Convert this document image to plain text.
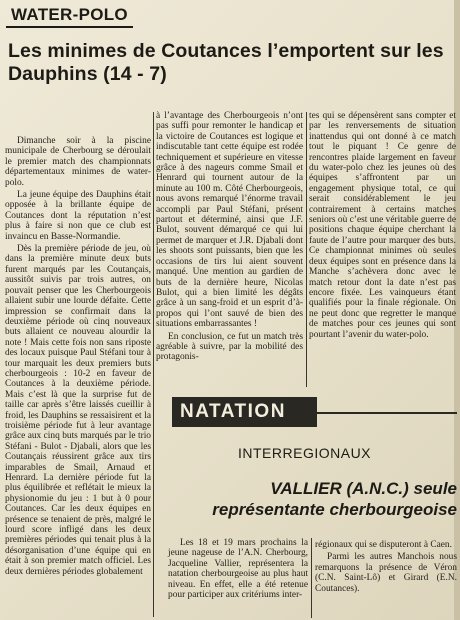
WATER-POLO
Les minimes de Coutances l’emportent sur les Dauphins (14 - 7)

Dimanche soir à la piscine municipale de Cherbourg se déroulait le premier match des championnats départementaux minimes de water-polo.

La jeune équipe des Dauphins était opposée à la brillante équipe de Coutances dont la réputation n’est plus à faire si non que ce club est invaincu en Basse-Normandie.

Dès la première période de jeu, où dans la première minute deux buts furent marqués par les Coutançais, aussitôt suivis par trois autres, on pouvait penser que les Cherbourgeois allaient subir une lourde défaite. Cette impression se confirmait dans la deuxième période où cinq nouveaux buts allaient ce nouveau alourdir la note ! Mais cette fois non sans riposte des locaux puisque Paul Stéfani tour à tour marquait les deux premiers buts cherbourgeois : 10-2 en faveur de Coutances à la deuxième période. Mais c’est là que la surprise fut de taille car après s’être laissés cueillir à froid, les Dauphins se ressaisirent et la troisième période fut à leur avantage grâce aux cinq buts marqués par le trio Stéfani - Bulot - Djabali, alors que les Coutançais réussirent grâce aux tirs imparables de Smail, Arnaud et Henrard. La dernière période fut la plus équilibrée et reflétait le mieux la physionomie du jeu : 1 but à 0 pour Coutances. Car les deux équipes en présence se tenaient de près, malgré le lourd score infligé dans les deux premières périodes qui tenait plus à la désorganisation d’une équipe qui en était à son premier match officiel. Les deux dernières périodes globalement

à l’avantage des Cherbourgeois n’ont pas suffi pour remonter le handicap et la victoire de Coutances est logique et indiscutable tant cette équipe est rodée techniquement et supérieure en vitesse grâce à des nageurs comme Smail et Henrard qui tournent autour de la minute au 100 m. Côté Cherbourgeois, nous avons remarqué l’énorme travail accompli par Paul Stéfani, présent partout et déterminé, ainsi que J.F. Bulot, souvent démarqué ce qui lui permet de marquer et J.R. Djabali dont les shoots sont puissants, bien que les occasions de tirs lui aient souvent manqué. Une mention au gardien de buts de la dernière heure, Nicolas Bulot, qui a bien limité les dégâts grâce à un sang-froid et un esprit d’à-propos qui l’ont sauvé de bien des situations embarrassantes !

En conclusion, ce fut un match très agréable à suivre, par la mobilité des protagonis-

tes qui se dépensèrent sans compter et par les renversements de situation inattendus qui ont donné à ce match tout le piquant ! Ce genre de rencontres plaide largement en faveur du water-polo chez les jeunes où des équipes s’affrontent par un engagement physique total, ce qui serait considérablement le jeu contrairement à certains matches seniors où c’est une véritable guerre de positions chaque équipe cherchant la faute de l’autre pour marquer des buts. Ce championnat minimes où seules deux équipes sont en présence dans la Manche s’achèvera donc avec le match retour dont la date n’est pas encore fixée. Les vainqueurs étant qualifiés pour la finale régionale. On ne peut donc que regretter le manque de matches pour ces jeunes qui sont pourtant l’avenir du water-polo.

NATATION
INTERREGIONAUX
VALLIER (A.N.C.) seule représentante cherbourgeoise

Les 18 et 19 mars prochains la jeune nageuse de l’A.N. Cherbourg, Jacqueline Vallier, représentera la natation cherbourgeoise au plus haut niveau. En effet, elle a été retenue pour participer aux critériums inter-

régionaux qui se disputeront à Caen.

Parmi les autres Manchois nous remarquons la présence de Véron (C.N. Saint-Lô) et Girard (E.N. Coutances).
